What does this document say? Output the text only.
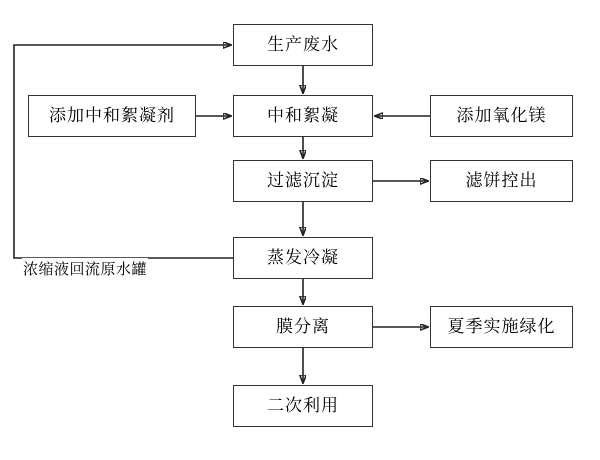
生产废水
添加中和絮凝剂	中和絮凝	添加氧化镁
过滤沉淀	滤饼控出
蒸发冷凝
膜分离	夏季实施绿化
二次利用
浓缩液回流原水罐
